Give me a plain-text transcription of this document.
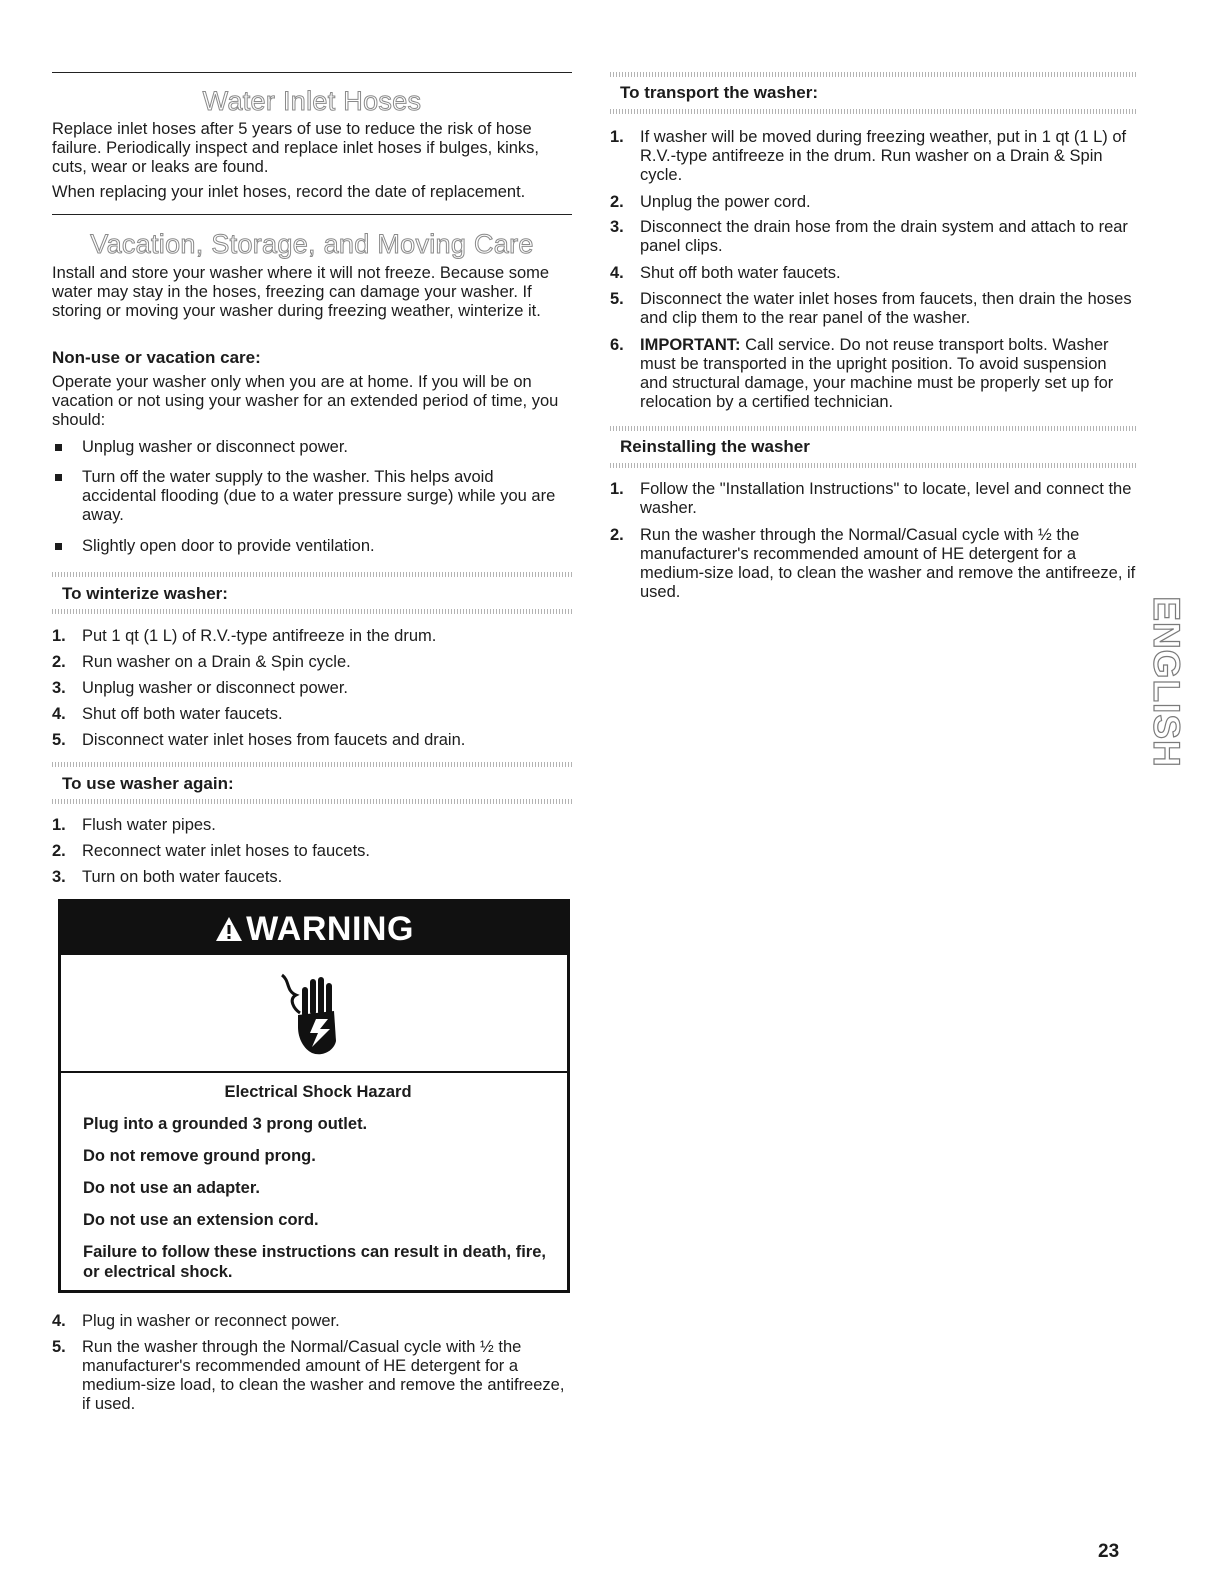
Water Inlet Hoses

Replace inlet hoses after 5 years of use to reduce the risk of hose failure. Periodically inspect and replace inlet hoses if bulges, kinks, cuts, wear or leaks are found.

When replacing your inlet hoses, record the date of replacement.

Vacation, Storage, and Moving Care

Install and store your washer where it will not freeze. Because some water may stay in the hoses, freezing can damage your washer. If storing or moving your washer during freezing weather, winterize it.

Non-use or vacation care:

Operate your washer only when you are at home. If you will be on vacation or not using your washer for an extended period of time, you should:

Unplug washer or disconnect power.
Turn off the water supply to the washer. This helps avoid accidental flooding (due to a water pressure surge) while you are away.
Slightly open door to provide ventilation.
To winterize washer:
1. Put 1 qt (1 L) of R.V.-type antifreeze in the drum.
2. Run washer on a Drain & Spin cycle.
3. Unplug washer or disconnect power.
4. Shut off both water faucets.
5. Disconnect water inlet hoses from faucets and drain.
To use washer again:
1. Flush water pipes.
2. Reconnect water inlet hoses to faucets.
3. Turn on both water faucets.
WARNING
Electrical Shock Hazard
Plug into a grounded 3 prong outlet.
Do not remove ground prong.
Do not use an adapter.
Do not use an extension cord.
Failure to follow these instructions can result in death, fire, or electrical shock.
4. Plug in washer or reconnect power.
5. Run the washer through the Normal/Casual cycle with ½ the manufacturer's recommended amount of HE detergent for a medium-size load, to clean the washer and remove the antifreeze, if used.
To transport the washer:
1. If washer will be moved during freezing weather, put in 1 qt (1 L) of R.V.-type antifreeze in the drum. Run washer on a Drain & Spin cycle.
2. Unplug the power cord.
3. Disconnect the drain hose from the drain system and attach to rear panel clips.
4. Shut off both water faucets.
5. Disconnect the water inlet hoses from faucets, then drain the hoses and clip them to the rear panel of the washer.
6. IMPORTANT: Call service. Do not reuse transport bolts. Washer must be transported in the upright position. To avoid suspension and structural damage, your machine must be properly set up for relocation by a certified technician.
Reinstalling the washer
1. Follow the "Installation Instructions" to locate, level and connect the washer.
2. Run the washer through the Normal/Casual cycle with ½ the manufacturer's recommended amount of HE detergent for a medium-size load, to clean the washer and remove the antifreeze, if used.
ENGLISH
23
